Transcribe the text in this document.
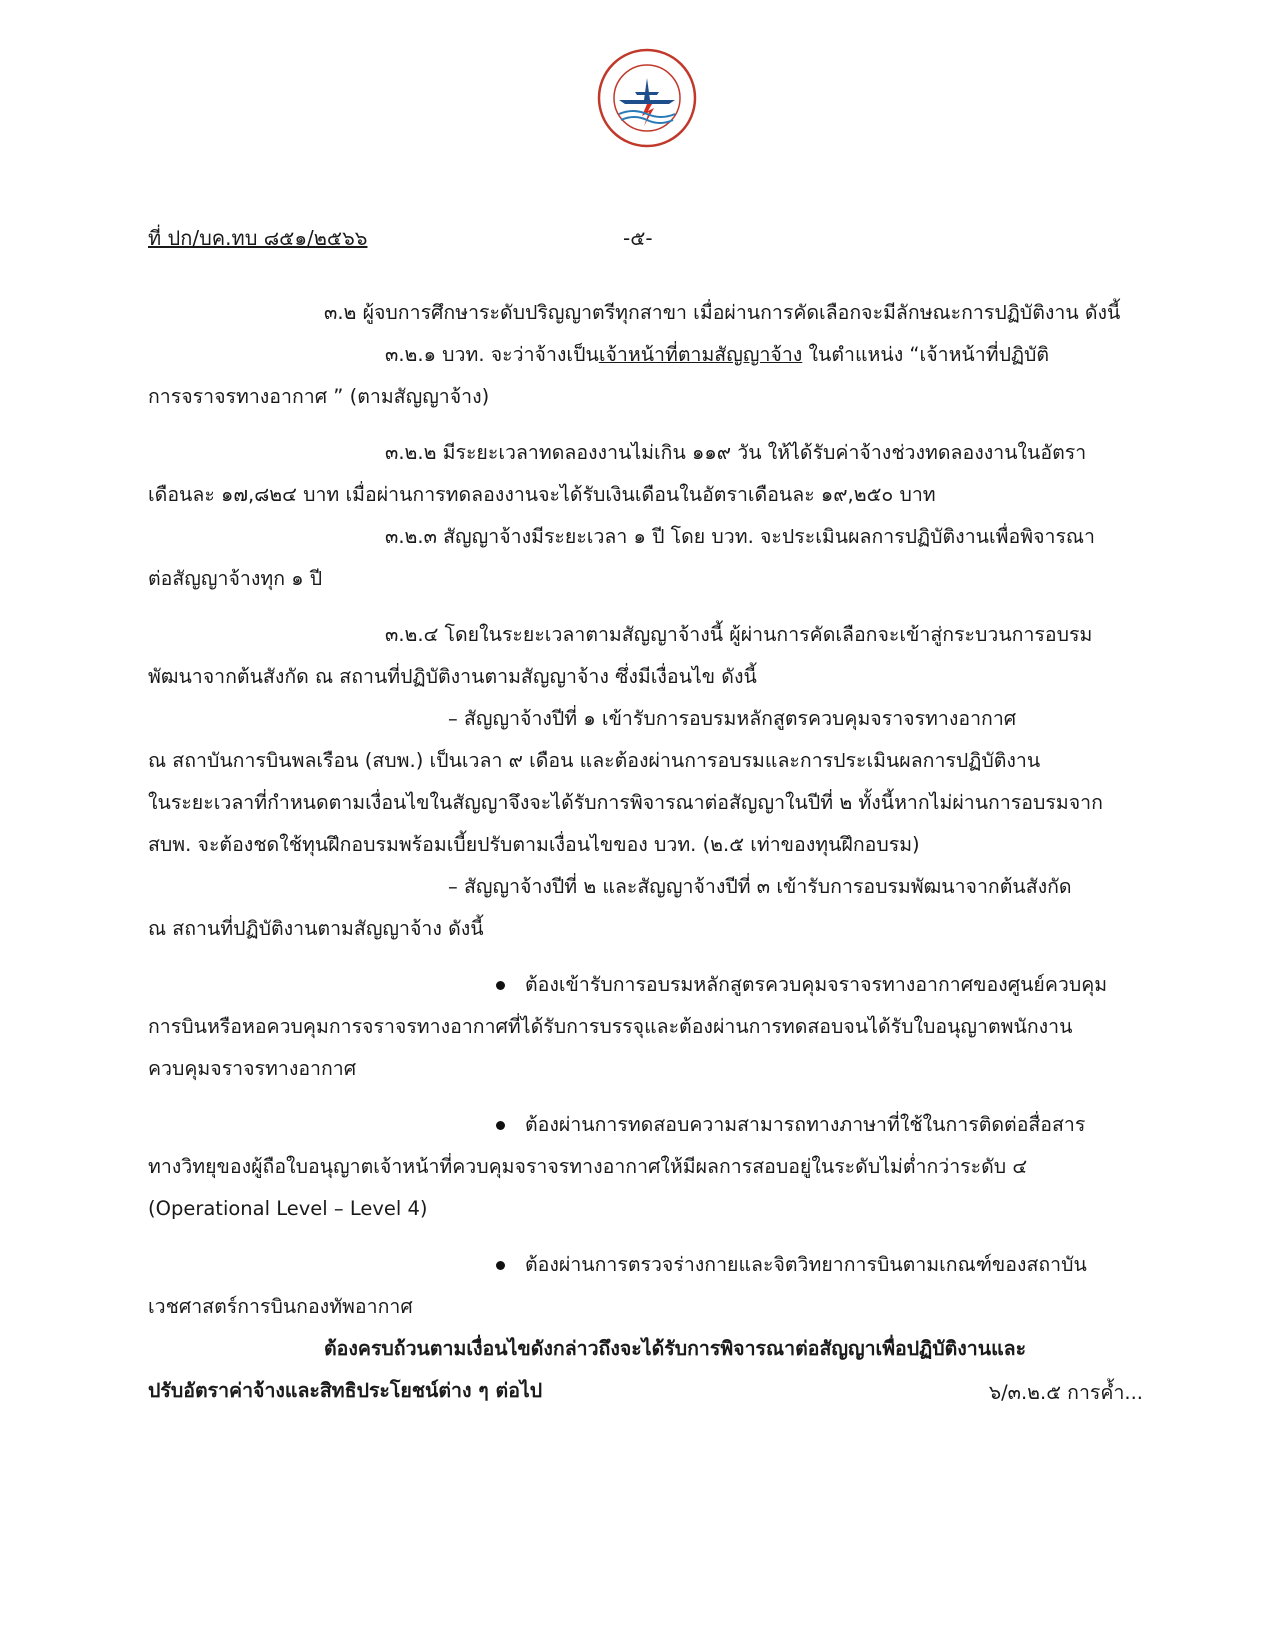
ที่ ปก/บค.ทบ ๘๕๑/๒๕๖๖	-๕-
๓.๒ ผู้จบการศึกษาระดับปริญญาตรีทุกสาขา เมื่อผ่านการคัดเลือกจะมีลักษณะการปฏิบัติงาน ดังนี้
๓.๒.๑ บวท. จะว่าจ้างเป็นเจ้าหน้าที่ตามสัญญาจ้าง ในตำแหน่ง “เจ้าหน้าที่ปฏิบัติ
การจราจรทางอากาศ ” (ตามสัญญาจ้าง)
๓.๒.๒ มีระยะเวลาทดลองงานไม่เกิน ๑๑๙ วัน ให้ได้รับค่าจ้างช่วงทดลองงานในอัตรา
เดือนละ ๑๗,๘๒๔ บาท เมื่อผ่านการทดลองงานจะได้รับเงินเดือนในอัตราเดือนละ ๑๙,๒๕๐ บาท
๓.๒.๓ สัญญาจ้างมีระยะเวลา ๑ ปี โดย บวท. จะประเมินผลการปฏิบัติงานเพื่อพิจารณา
ต่อสัญญาจ้างทุก ๑ ปี
๓.๒.๔ โดยในระยะเวลาตามสัญญาจ้างนี้ ผู้ผ่านการคัดเลือกจะเข้าสู่กระบวนการอบรม
พัฒนาจากต้นสังกัด ณ สถานที่ปฏิบัติงานตามสัญญาจ้าง ซึ่งมีเงื่อนไข ดังนี้
– สัญญาจ้างปีที่ ๑ เข้ารับการอบรมหลักสูตรควบคุมจราจรทางอากาศ
ณ สถาบันการบินพลเรือน (สบพ.) เป็นเวลา ๙ เดือน และต้องผ่านการอบรมและการประเมินผลการปฏิบัติงาน
ในระยะเวลาที่กำหนดตามเงื่อนไขในสัญญาจึงจะได้รับการพิจารณาต่อสัญญาในปีที่ ๒ ทั้งนี้หากไม่ผ่านการอบรมจาก
สบพ. จะต้องชดใช้ทุนฝึกอบรมพร้อมเบี้ยปรับตามเงื่อนไขของ บวท. (๒.๕ เท่าของทุนฝึกอบรม)
– สัญญาจ้างปีที่ ๒ และสัญญาจ้างปีที่ ๓ เข้ารับการอบรมพัฒนาจากต้นสังกัด
ณ สถานที่ปฏิบัติงานตามสัญญาจ้าง ดังนี้
ต้องเข้ารับการอบรมหลักสูตรควบคุมจราจรทางอากาศของศูนย์ควบคุม
การบินหรือหอควบคุมการจราจรทางอากาศที่ได้รับการบรรจุและต้องผ่านการทดสอบจนได้รับใบอนุญาตพนักงาน
ควบคุมจราจรทางอากาศ
ต้องผ่านการทดสอบความสามารถทางภาษาที่ใช้ในการติดต่อสื่อสาร
ทางวิทยุของผู้ถือใบอนุญาตเจ้าหน้าที่ควบคุมจราจรทางอากาศให้มีผลการสอบอยู่ในระดับไม่ต่ำกว่าระดับ ๔
(Operational Level – Level 4)
ต้องผ่านการตรวจร่างกายและจิตวิทยาการบินตามเกณฑ์ของสถาบัน
เวชศาสตร์การบินกองทัพอากาศ
ต้องครบถ้วนตามเงื่อนไขดังกล่าวถึงจะได้รับการพิจารณาต่อสัญญาเพื่อปฏิบัติงานและ
ปรับอัตราค่าจ้างและสิทธิประโยชน์ต่าง ๆ ต่อไป	๖/๓.๒.๕ การค้ำ...
